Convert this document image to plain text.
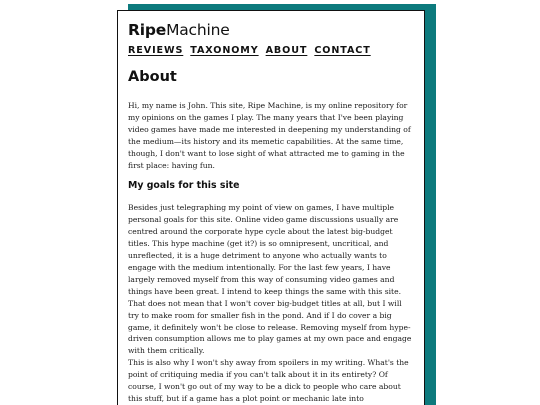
Ripe Machine
REVIEWS TAXONOMY ABOUT CONTACT
About

Hi, my name is John. This site, Ripe Machine, is my online repository for my opinions on the games I play. The many years that I've been playing video games have made me interested in deepening my understanding of the medium—its history and its memetic capabilities. At the same time, though, I don't want to lose sight of what attracted me to gaming in the first place: having fun.

My goals for this site

Besides just telegraphing my point of view on games, I have multiple personal goals for this site. Online video game discussions usually are centred around the corporate hype cycle about the latest big-budget titles. This hype machine (get it?) is so omnipresent, uncritical, and unreflected, it is a huge detriment to anyone who actually wants to engage with the medium intentionally. For the last few years, I have largely removed myself from this way of consuming video games and things have been great. I intend to keep things the same with this site. That does not mean that I won't cover big-budget titles at all, but I will try to make room for smaller fish in the pond. And if I do cover a big game, it definitely won't be close to release. Removing myself from hype-driven consumption allows me to play games at my own pace and engage with them critically.

This is also why I won't shy away from spoilers in my writing. What's the point of critiquing media if you can't talk about it in its entirety? Of course, I won't go out of my way to be a dick to people who care about this stuff, but if a game has a plot point or mechanic late into
